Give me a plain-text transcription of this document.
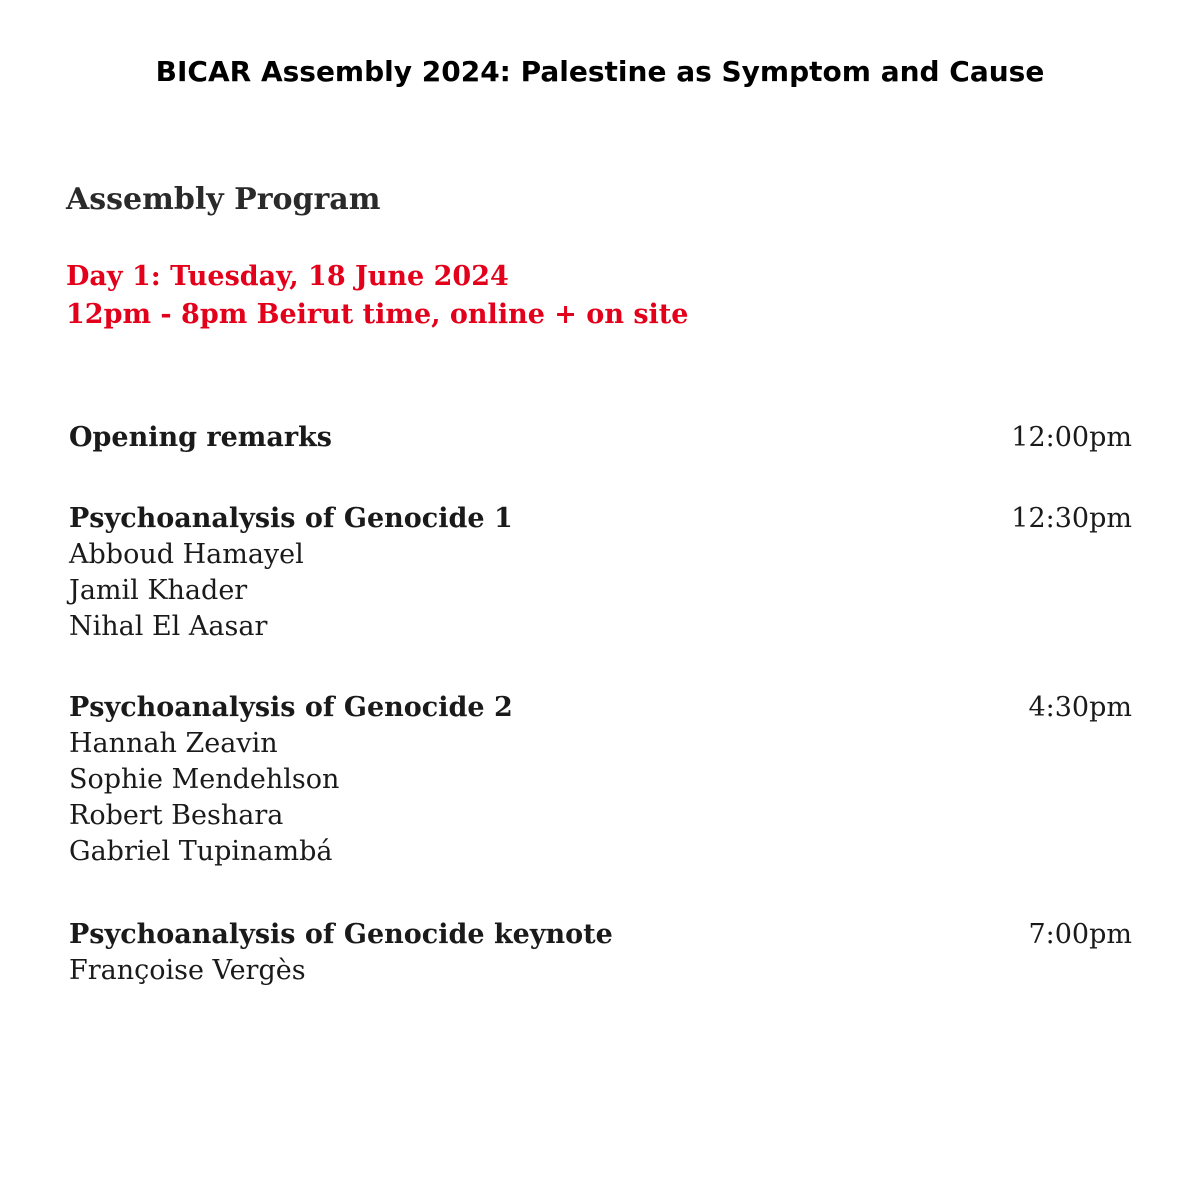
BICAR Assembly 2024: Palestine as Symptom and Cause
Assembly Program
Day 1: Tuesday, 18 June 2024
12pm - 8pm Beirut time, online + on site
Opening remarks	12:00pm
Psychoanalysis of Genocide 1	12:30pm
Abboud Hamayel
Jamil Khader
Nihal El Aasar
Psychoanalysis of Genocide 2	4:30pm
Hannah Zeavin
Sophie Mendehlson
Robert Beshara
Gabriel Tupinambá
Psychoanalysis of Genocide keynote	7:00pm
Françoise Vergès
